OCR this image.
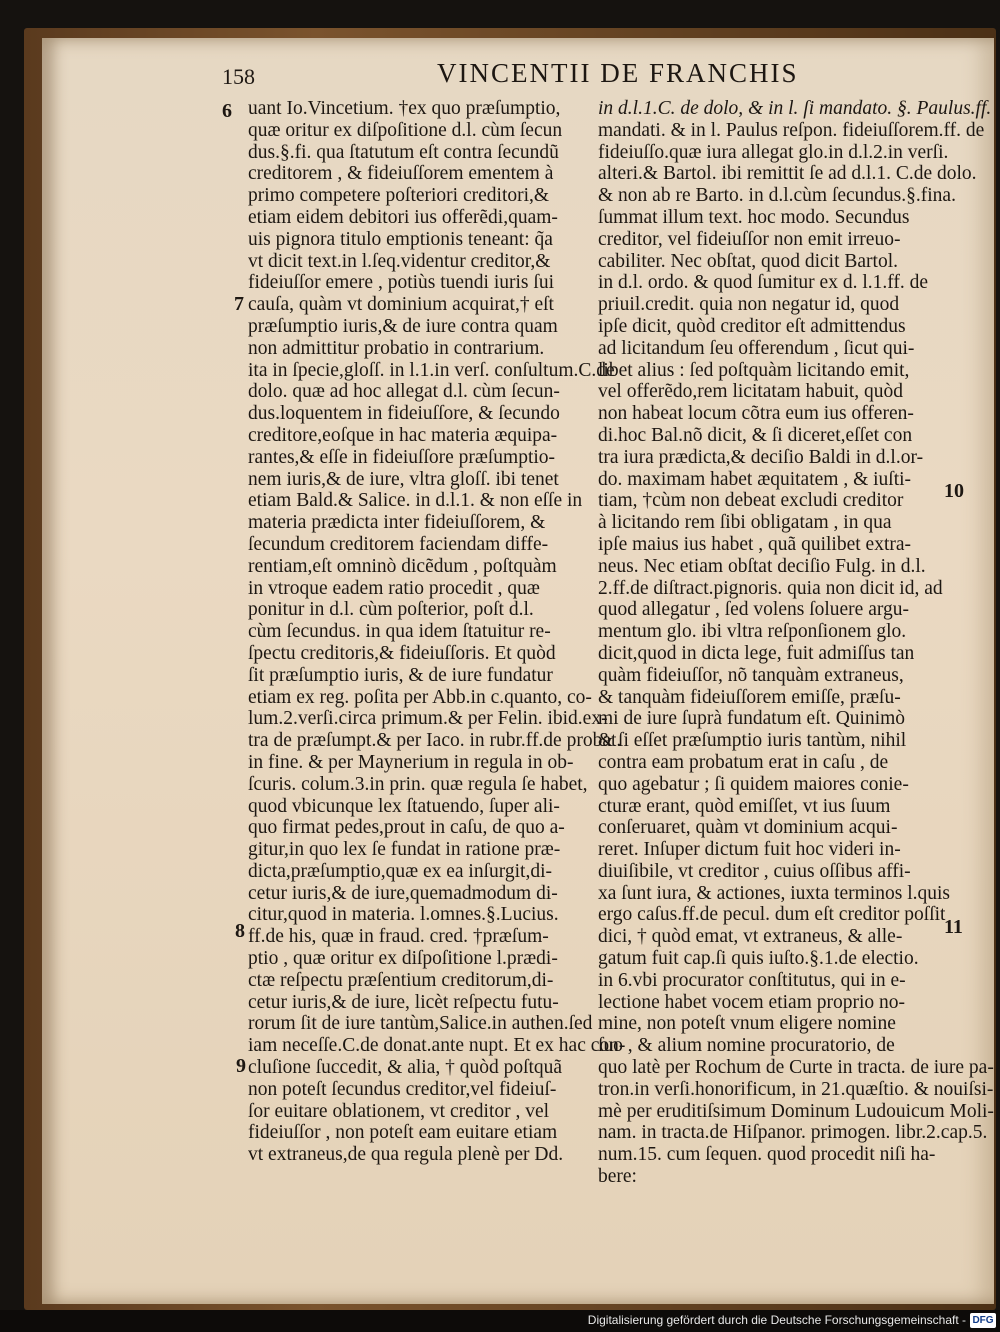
158	VINCENTII DE FRANCHIS
uant Io.Vincetium. †ex quo præſumptio,
quæ oritur ex diſpoſitione d.l. cùm ſecun
dus.§.fi. qua ſtatutum eſt contra ſecundũ
creditorem , & fideiuſſorem ementem à
primo competere poſteriori creditori,&
etiam eidem debitori ius offerẽdi,quam-
uis pignora titulo emptionis teneant: q̃a
vt dicit text.in l.ſeq.videntur creditor,&
fideiuſſor emere , potiùs tuendi iuris ſui
cauſa, quàm vt dominium acquirat,† eſt
præſumptio iuris,& de iure contra quam
non admittitur probatio in contrarium.
ita in ſpecie,gloſſ. in l.1.in verſ. conſultum.C.de
dolo. quæ ad hoc allegat d.l. cùm ſecun-
dus.loquentem in fideiuſſore, & ſecundo
creditore,eoſque in hac materia æquipa-
rantes,& eſſe in fideiuſſore præſumptio-
nem iuris,& de iure, vltra gloſſ. ibi tenet
etiam Bald.& Salice. in d.l.1. & non eſſe in
materia prædicta inter fideiuſſorem, &
ſecundum creditorem faciendam diffe-
rentiam,eſt omninò dicẽdum , poſtquàm
in vtroque eadem ratio procedit , quæ
ponitur in d.l. cùm poſterior, poſt d.l.
cùm ſecundus. in qua idem ſtatuitur re-
ſpectu creditoris,& fideiuſſoris. Et quòd
ſit præſumptio iuris, & de iure fundatur
etiam ex reg. poſita per Abb.in c.quanto, co-
lum.2.verſi.circa primum.& per Felin. ibid.ex-
tra de præſumpt.& per Iaco. in rubr.ff.de probat.
in fine. & per Maynerium in regula in ob-
ſcuris. colum.3.in prin. quæ regula ſe habet,
quod vbicunque lex ſtatuendo, ſuper ali-
quo firmat pedes,prout in caſu, de quo a-
gitur,in quo lex ſe fundat in ratione præ-
dicta,præſumptio,quæ ex ea inſurgit,di-
cetur iuris,& de iure,quemadmodum di-
citur,quod in materia. l.omnes.§.Lucius.
ff.de his, quæ in fraud. cred. †præſum-
ptio , quæ oritur ex diſpoſitione l.prædi-
ctæ reſpectu præſentium creditorum,di-
cetur iuris,& de iure, licèt reſpectu futu-
rorum ſit de iure tantùm,Salice.in authen.ſed
iam neceſſe.C.de donat.ante nupt. Et ex hac con-
cluſione ſuccedit, & alia, † quòd poſtquã
non poteſt ſecundus creditor,vel fideiuſ-
ſor euitare oblationem, vt creditor , vel
fideiuſſor , non poteſt eam euitare etiam
vt extraneus,de qua regula plenè per Dd.
in d.l.1.C. de dolo, & in l. ſi mandato. §. Paulus.ff.
mandati. & in l. Paulus reſpon. fideiuſſorem.ff. de
fideiuſſo.quæ iura allegat glo.in d.l.2.in verſi.
alteri.& Bartol. ibi remittit ſe ad d.l.1. C.de dolo.
& non ab re Barto. in d.l.cùm ſecundus.§.fina.
ſummat illum text. hoc modo. Secundus
creditor, vel fideiuſſor non emit irreuo-
cabiliter. Nec obſtat, quod dicit Bartol.
in d.l. ordo. & quod ſumitur ex d. l.1.ff. de
priuil.credit. quia non negatur id, quod
ipſe dicit, quòd creditor eſt admittendus
ad licitandum ſeu offerendum , ſicut qui-
libet alius : ſed poſtquàm licitando emit,
vel offerẽdo,rem licitatam habuit, quòd
non habeat locum cõtra eum ius offeren-
di.hoc Bal.nõ dicit, & ſi diceret,eſſet con
tra iura prædicta,& deciſio Baldi in d.l.or-
do. maximam habet æquitatem , & iuſti-
tiam, †cùm non debeat excludi creditor
à licitando rem ſibi obligatam , in qua
ipſe maius ius habet , quã quilibet extra-
neus. Nec etiam obſtat deciſio Fulg. in d.l.
2.ff.de diſtract.pignoris. quia non dicit id, ad
quod allegatur , ſed volens ſoluere argu-
mentum glo. ibi vltra reſponſionem glo.
dicit,quod in dicta lege, fuit admiſſus tan
quàm fideiuſſor, nõ tanquàm extraneus,
& tanquàm fideiuſſorem emiſſe, præſu-
mi de iure ſuprà fundatum eſt. Quinimò
& ſi eſſet præſumptio iuris tantùm, nihil
contra eam probatum erat in caſu , de
quo agebatur ; ſi quidem maiores conie-
cturæ erant, quòd emiſſet, vt ius ſuum
conſeruaret, quàm vt dominium acqui-
reret. Inſuper dictum fuit hoc videri in-
diuiſibile, vt creditor , cuius oſſibus affi-
xa ſunt iura, & actiones, iuxta terminos l.quis
ergo caſus.ff.de pecul. dum eſt creditor poſſit
dici, † quòd emat, vt extraneus, & alle-
gatum fuit cap.ſi quis iuſto.§.1.de electio.
in 6.vbi procurator conſtitutus, qui in e-
lectione habet vocem etiam proprio no-
mine, non poteſt vnum eligere nomine
ſuo , & alium nomine procuratorio, de
quo latè per Rochum de Curte in tracta. de iure pa-
tron.in verſi.honorificum, in 21.quæſtio. & nouiſsi-
mè per eruditiſsimum Dominum Ludouicum Moli-
nam. in tracta.de Hiſpanor. primogen. libr.2.cap.5.
num.15. cum ſequen. quod procedit niſi ha-
bere:
6
7
8
9
10
11
Digitalisierung gefördert durch die Deutsche Forschungsgemeinschaft - DFG
